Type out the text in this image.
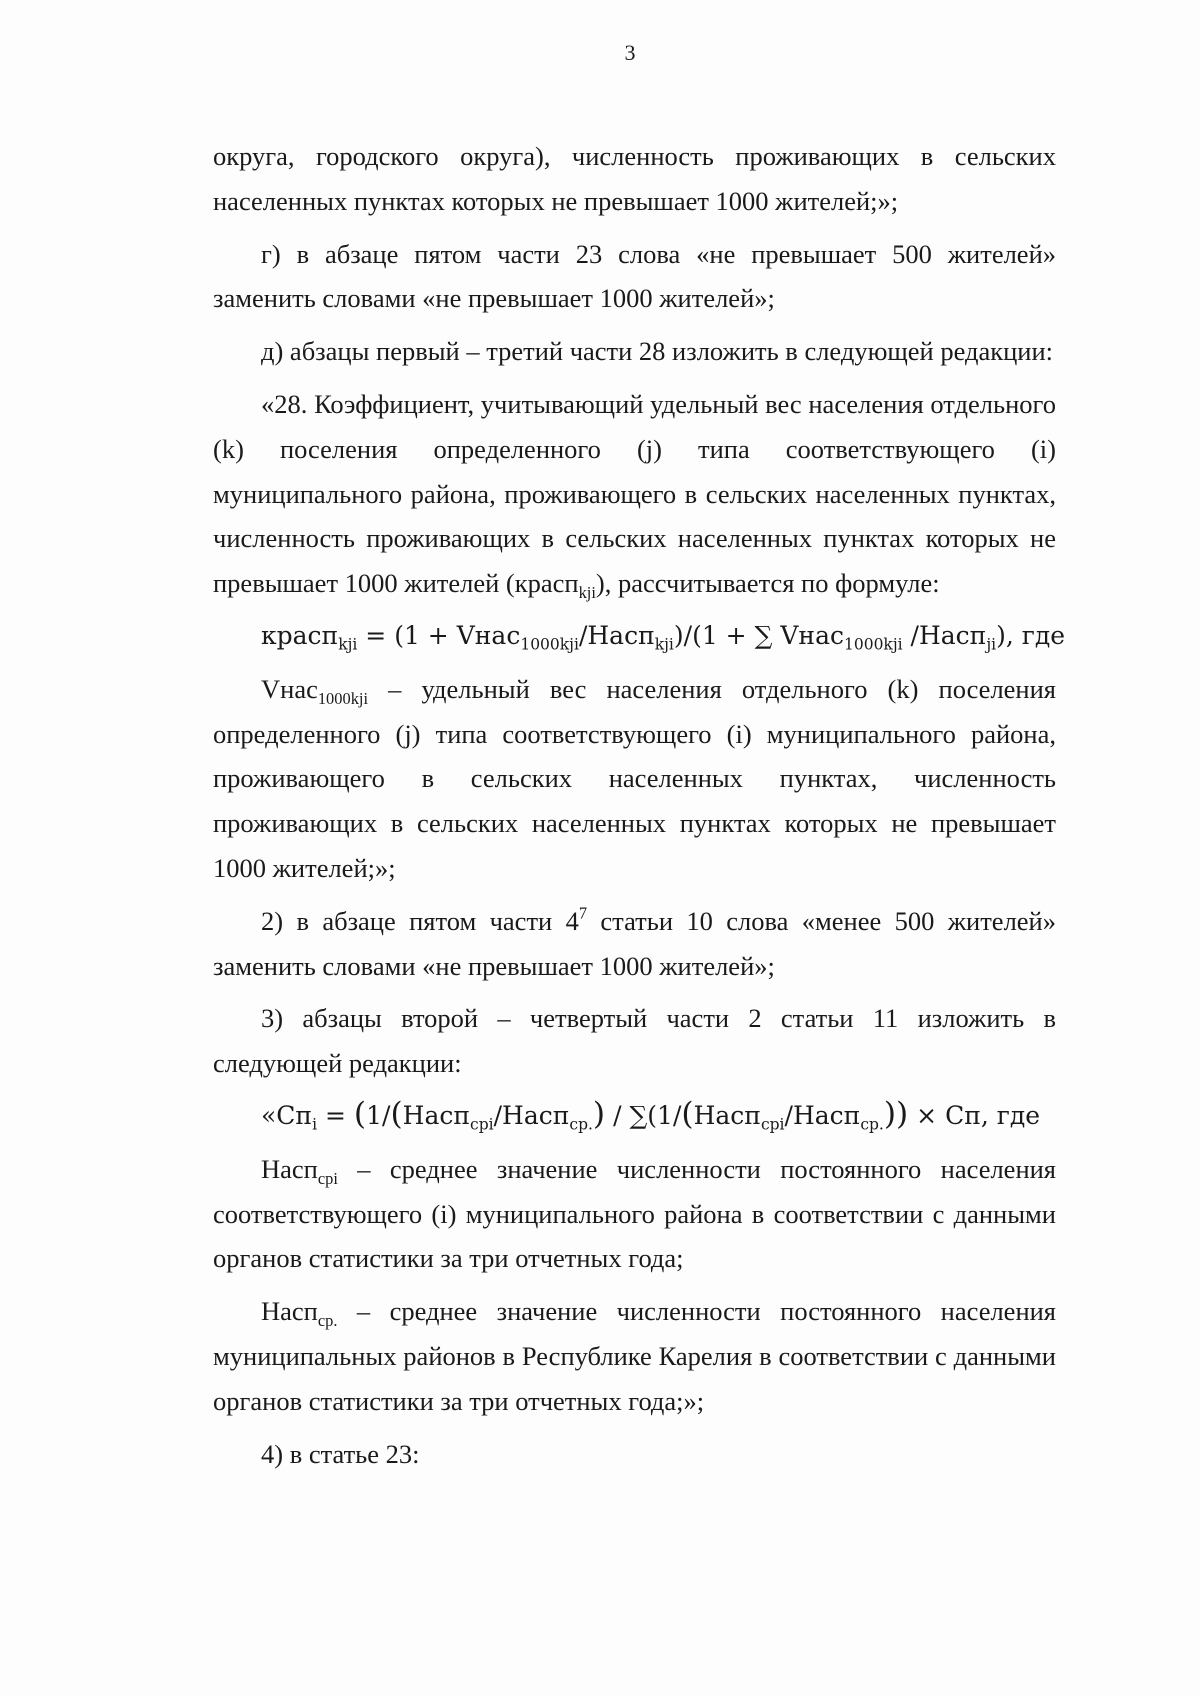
3

округа, городского округа), численность проживающих в сельских населенных пунктах которых не превышает 1000 жителей;»;

г) в абзаце пятом части 23 слова «не превышает 500 жителей» заменить словами «не превышает 1000 жителей»;

д) абзацы первый – третий части 28 изложить в следующей редакции:

«28. Коэффициент, учитывающий удельный вес населения отдельного (k) поселения определенного (j) типа соответствующего (i) муниципального района, проживающего в сельских населенных пунктах, численность проживающих в сельских населенных пунктах которых не превышает 1000 жителей (красп$_{kji}$), рассчитывается по формуле:

красп$_{kji}$ = (1 + Vнас$_{1000kji}$/Насп$_{kji}$)/(1 + ∑ Vнас$_{1000kji}$ /Насп$_{ji}$), где

Vнас$_{1000kji}$ – удельный вес населения отдельного (k) поселения определенного (j) типа соответствующего (i) муниципального района, проживающего в сельских населенных пунктах, численность проживающих в сельских населенных пунктах которых не превышает 1000 жителей;»;

2) в абзаце пятом части $4^7$ статьи 10 слова «менее 500 жителей» заменить словами «не превышает 1000 жителей»;

3) абзацы второй – четвертый части 2 статьи 11 изложить в следующей редакции:

«$Сп_i$ = (1/(Насп$_{cpi}$/Насп$_{cp.}$) / ∑(1/(Насп$_{cpi}$/Насп$_{cp.}$)) × Сп, где

Насп$_{cpi}$ – среднее значение численности постоянного населения соответствующего (i) муниципального района в соответствии с данными органов статистики за три отчетных года;

Насп$_{cp.}$ – среднее значение численности постоянного населения муниципальных районов в Республике Карелия в соответствии с данными органов статистики за три отчетных года;»;

4) в статье 23:
